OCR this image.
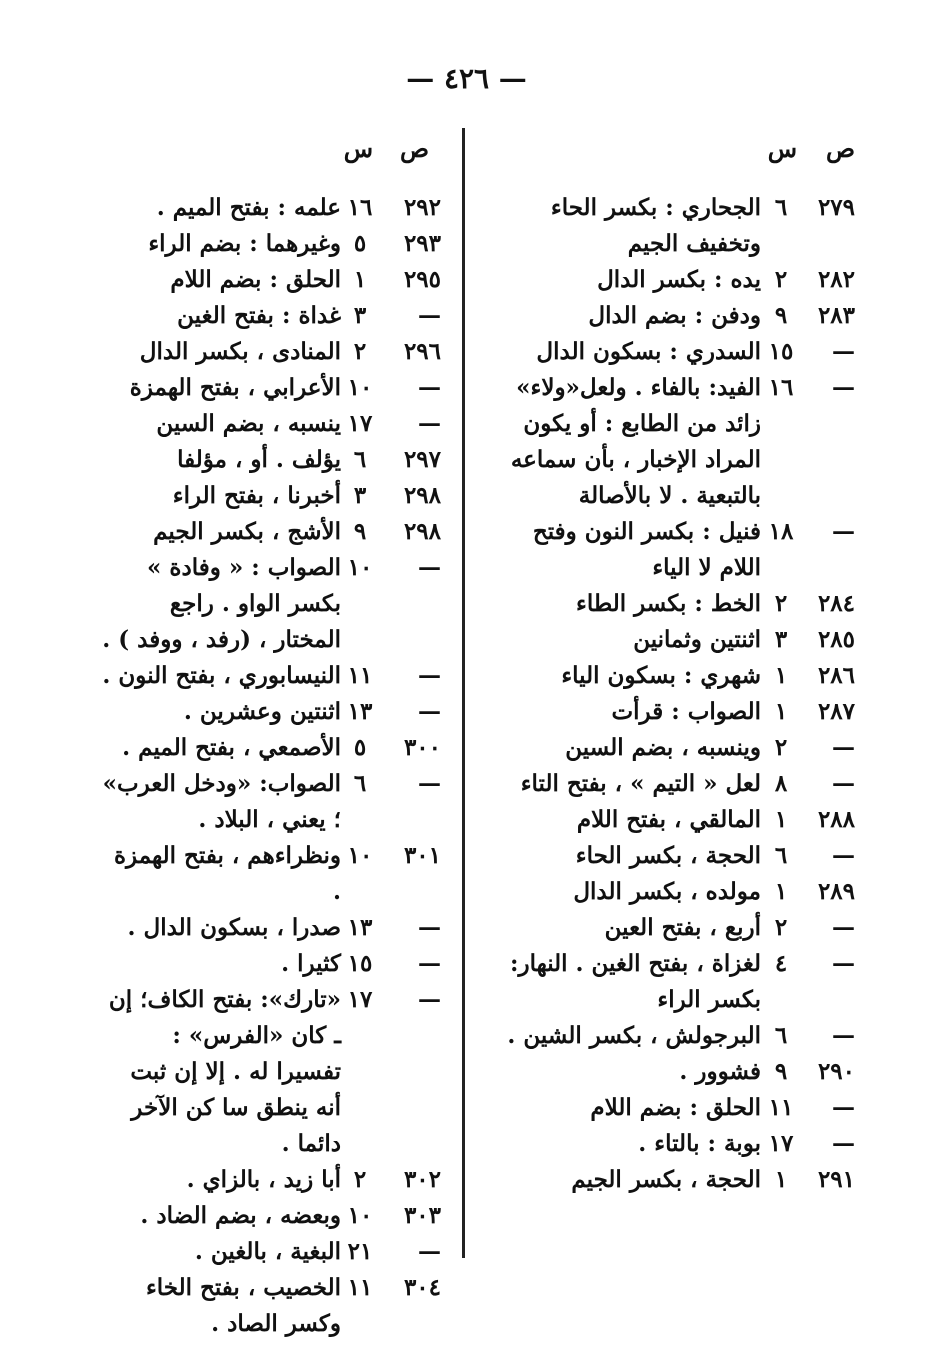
— ٤٢٦ —
ص
س
٢٧٩
٦
الجحاري : بكسر الحاء وتخفيف الجيم
٢٨٢
٢
يده : بكسر الدال
٢٨٣
٩
ودفن : بضم الدال
—
١٥
السدري : بسكون الدال
—
١٦
الفيد: بالفاء . ولعل«ولاء» زائد من الطابع : أو يكون المراد الإخبار ، بأن سماعه بالتبعية . لا بالأصالة
—
١٨
فنيل : بكسر النون وفتح اللام لا الياء
٢٨٤
٢
الخط : بكسر الطاء
٢٨٥
٣
اثنتين وثمانين
٢٨٦
١
شهري : بسكون الياء
٢٨٧
١
الصواب : قرأت
—
٢
وينسبه ، بضم السين
—
٨
لعل « التيم » ، بفتح التاء
٢٨٨
١
المالقي ، بفتح اللام
—
٦
الحجة ، بكسر الحاء
٢٨٩
١
مولده ، بكسر الدال
—
٢
أربع ، بفتح العين
—
٤
لغزاة ، بفتح الغين . النهار: بكسر الراء
—
٦
البرجولش ، بكسر الشين .
٢٩٠
٩
فشوور .
—
١١
الحلق : بضم اللام
—
١٧
بوبة : بالتاء .
٢٩١
١
الحجة ، بكسر الجيم
ص
س
٢٩٢
١٦
علمه : بفتح الميم .
٢٩٣
٥
وغيرهما : بضم الراء
٢٩٥
١
الحلق : بضم اللام
—
٣
غداة : بفتح الغين
٢٩٦
٢
المنادى ، بكسر الدال
—
١٠
الأعرابي ، بفتح الهمزة
—
١٧
ينسبه ، بضم السين
٢٩٧
٦
يؤلف . أو ، مؤلفا
٢٩٨
٣
أخبرنا ، بفتح الراء
٢٩٨
٩
الأشج ، بكسر الجيم
—
١٠
الصواب : « وفادة » بكسر الواو . راجع المختار ، (رفد ، ووفد ) .
—
١١
النيسابوري ، بفتح النون .
—
١٣
اثنتين وعشرين .
٣٠٠
٥
الأصمعي ، بفتح الميم .
—
٦
الصواب: «ودخل العرب» ؛ يعني ، البلاد .
٣٠١
١٠
ونظراءهم ، بفتح الهمزة .
—
١٣
صدرا ، بسكون الدال .
—
١٥
كثيرا .
—
١٧
«تارك»: بفتح الكاف؛ إن ـ كان «الفرس» : تفسيرا له . إلا إن ثبت أنه ينطق سا كن الآخر دائما .
٣٠٢
٢
أبا زيد ، بالزاي .
٣٠٣
١٠
وبعضه ، بضم الضاد .
—
٢١
البغية ، بالغين .
٣٠٤
١١
الخصيب ، بفتح الخاء وكسر الصاد .
